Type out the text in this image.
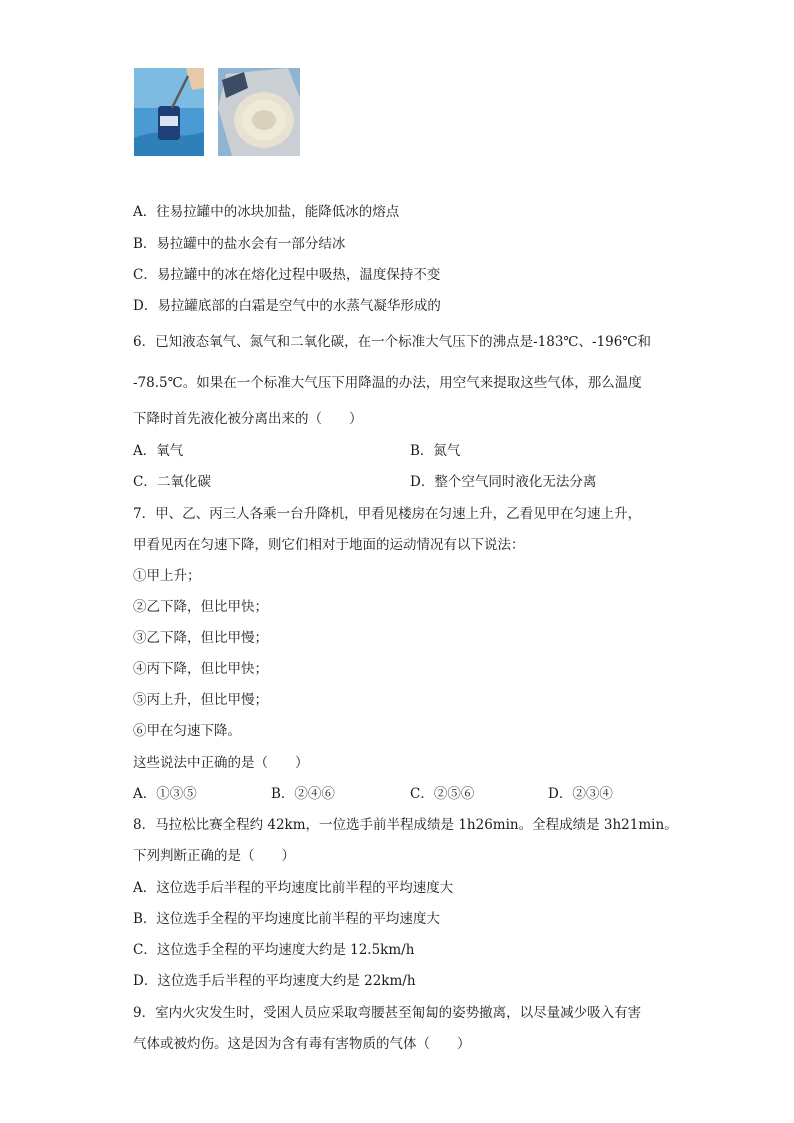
A．往易拉罐中的冰块加盐，能降低冰的熔点
B．易拉罐中的盐水会有一部分结冰
C．易拉罐中的冰在熔化过程中吸热，温度保持不变
D．易拉罐底部的白霜是空气中的水蒸气凝华形成的
6．已知液态氧气、氮气和二氧化碳，在一个标准大气压下的沸点是-183℃、-196℃和
-78.5℃。如果在一个标准大气压下用降温的办法，用空气来提取这些气体，那么温度
下降时首先液化被分离出来的（　　）
A．氧气	B．氮气
C．二氧化碳	D．整个空气同时液化无法分离
7．甲、乙、丙三人各乘一台升降机，甲看见楼房在匀速上升，乙看见甲在匀速上升，
甲看见丙在匀速下降，则它们相对于地面的运动情况有以下说法：
①甲上升；
②乙下降，但比甲快；
③乙下降，但比甲慢；
④丙下降，但比甲快；
⑤丙上升，但比甲慢；
⑥甲在匀速下降。
这些说法中正确的是（　　）
A．①③⑤	B．②④⑥	C．②⑤⑥	D．②③④
8．马拉松比赛全程约 42km，一位选手前半程成绩是 1h26min。全程成绩是 3h21min。
下列判断正确的是（　　）
A．这位选手后半程的平均速度比前半程的平均速度大
B．这位选手全程的平均速度比前半程的平均速度大
C．这位选手全程的平均速度大约是 12.5km/h
D．这位选手后半程的平均速度大约是 22km/h
9．室内火灾发生时，受困人员应采取弯腰甚至匍匐的姿势撤离，以尽量减少吸入有害
气体或被灼伤。这是因为含有毒有害物质的气体（　　）
